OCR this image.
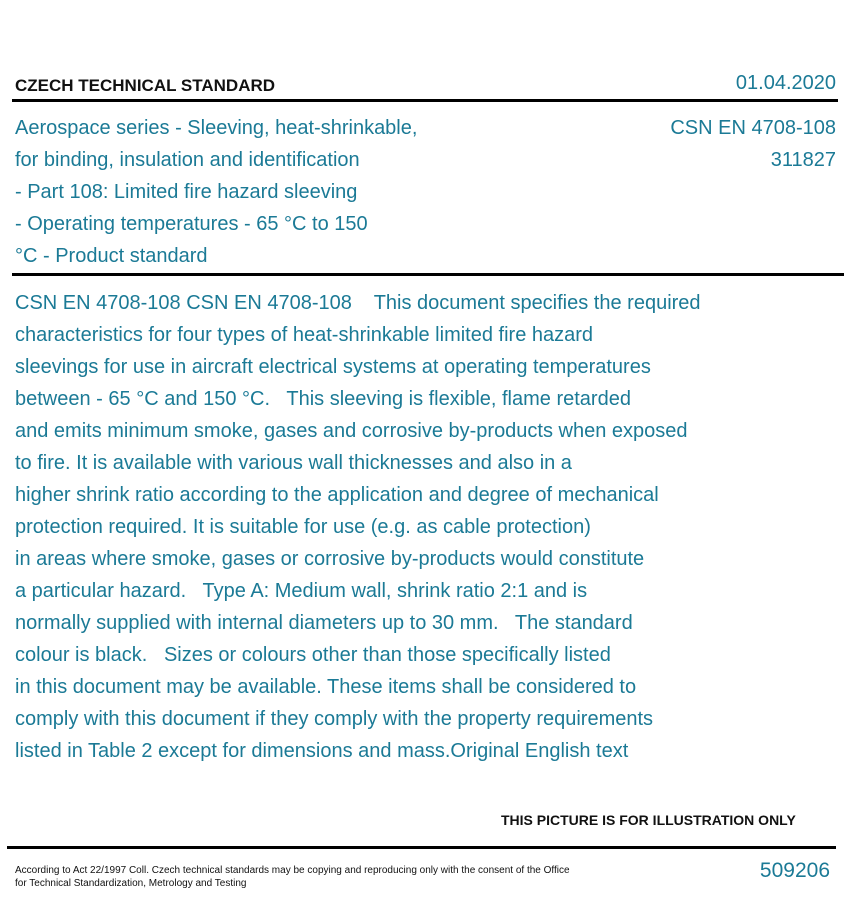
CZECH TECHNICAL STANDARD	01.04.2020
Aerospace series - Sleeving, heat-shrinkable,
for binding, insulation and identification
- Part 108: Limited fire hazard sleeving
- Operating temperatures - 65 °C to 150
°C - Product standard
CSN EN 4708-108
311827
CSN EN 4708-108 CSN EN 4708-108    This document specifies the required
characteristics for four types of heat-shrinkable limited fire hazard
sleevings for use in aircraft electrical systems at operating temperatures
between - 65 °C and 150 °C.   This sleeving is flexible, flame retarded
and emits minimum smoke, gases and corrosive by-products when exposed
to fire. It is available with various wall thicknesses and also in a
higher shrink ratio according to the application and degree of mechanical
protection required. It is suitable for use (e.g. as cable protection)
in areas where smoke, gases or corrosive by-products would constitute
a particular hazard.   Type A: Medium wall, shrink ratio 2:1 and is
normally supplied with internal diameters up to 30 mm.   The standard
colour is black.   Sizes or colours other than those specifically listed
in this document may be available. These items shall be considered to
comply with this document if they comply with the property requirements
listed in Table 2 except for dimensions and mass.Original English text
THIS PICTURE IS FOR ILLUSTRATION ONLY
According to Act 22/1997 Coll. Czech technical standards may be copying and reproducing only with the consent of the Office
for Technical Standardization, Metrology and Testing
509206
